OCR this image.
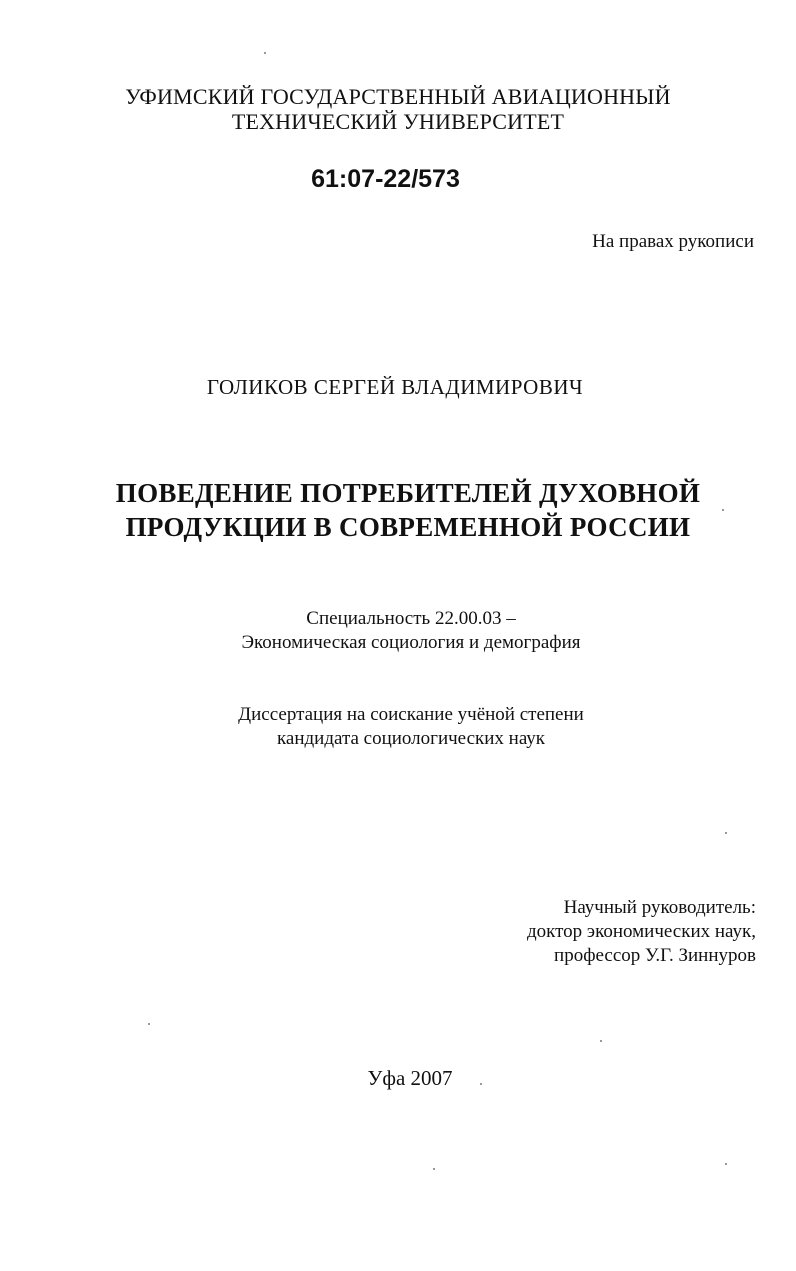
УФИМСКИЙ ГОСУДАРСТВЕННЫЙ АВИАЦИОННЫЙ
ТЕХНИЧЕСКИЙ УНИВЕРСИТЕТ
61:07-22/573
На правах рукописи
ГОЛИКОВ СЕРГЕЙ ВЛАДИМИРОВИЧ
ПОВЕДЕНИЕ ПОТРЕБИТЕЛЕЙ ДУХОВНОЙ
ПРОДУКЦИИ В СОВРЕМЕННОЙ РОССИИ
Специальность 22.00.03 –
Экономическая социология и демография
Диссертация на соискание учёной степени
кандидата социологических наук
Научный руководитель:
доктор экономических наук,
профессор У.Г. Зиннуров
Уфа 2007
